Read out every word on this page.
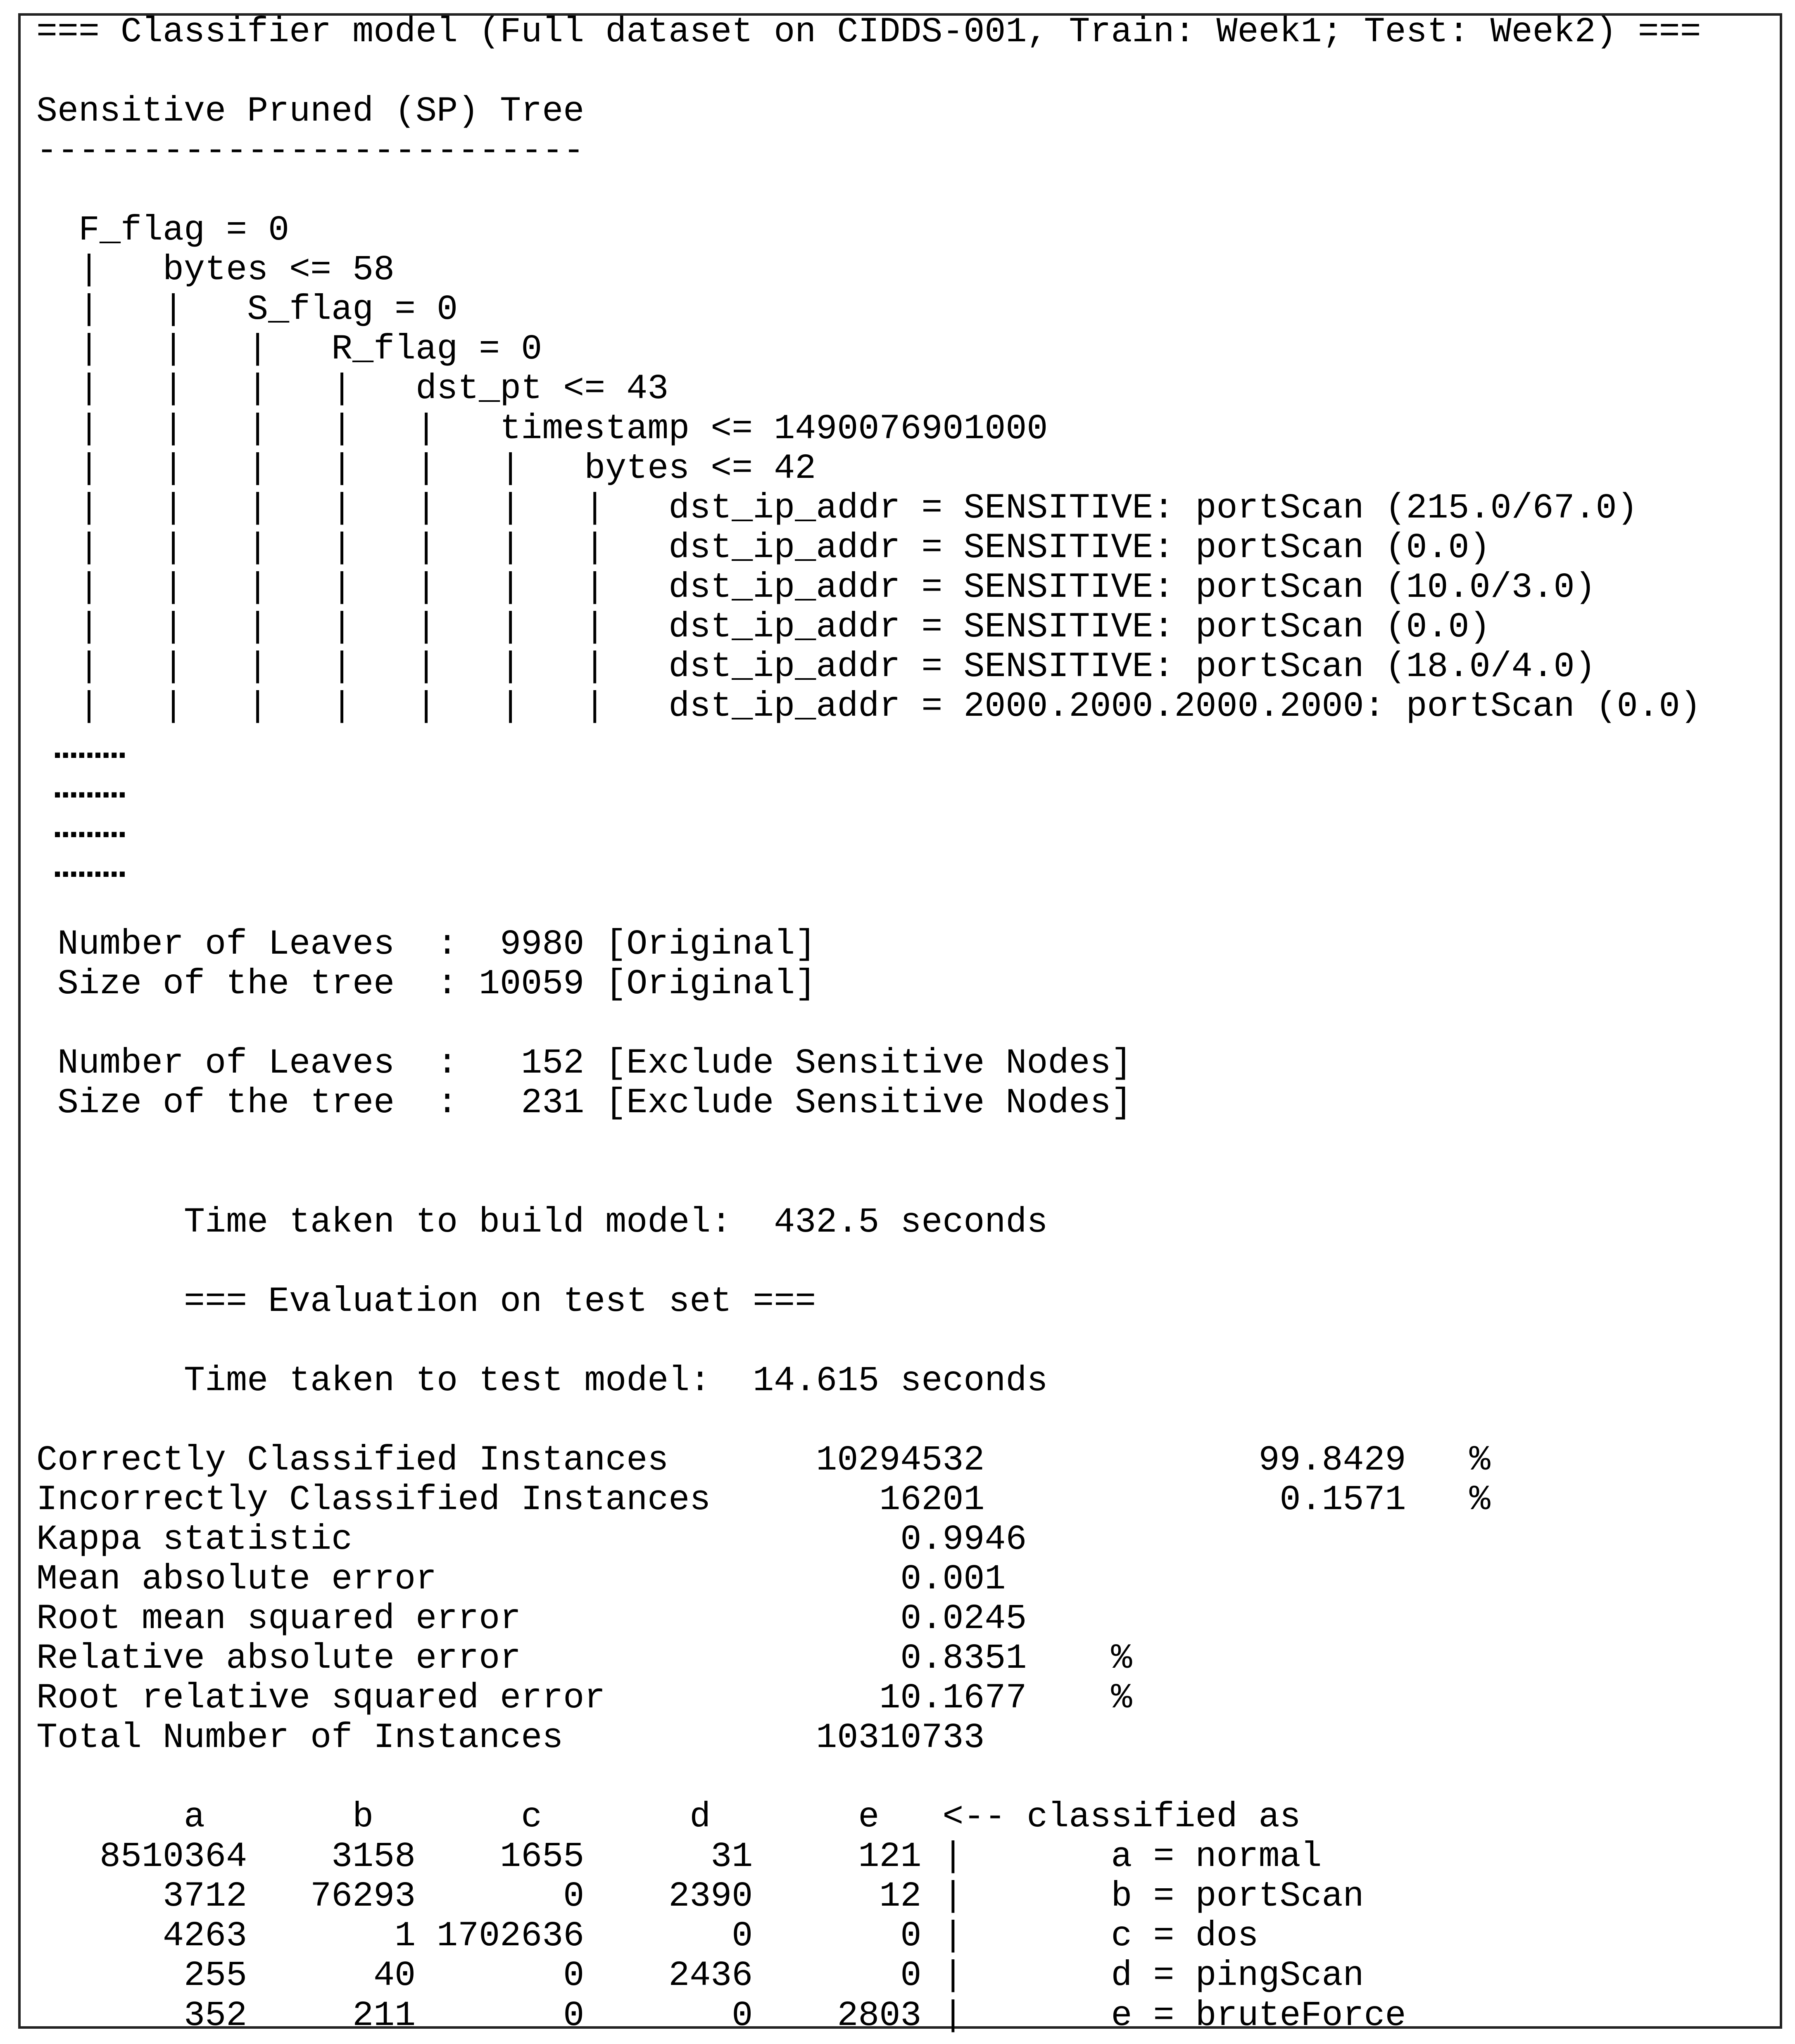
=== Classifier model (Full dataset on CIDDS-001, Train: Week1; Test: Week2) ===
Sensitive Pruned (SP) Tree
--------------------------
F_flag = 0
|   bytes <= 58
|   |   S_flag = 0
|   |   |   R_flag = 0
|   |   |   |   dst_pt <= 43
|   |   |   |   |   timestamp <= 1490076901000
|   |   |   |   |   |   bytes <= 42
|   |   |   |   |   |   |   dst_ip_addr = SENSITIVE: portScan (215.0/67.0)
|   |   |   |   |   |   |   dst_ip_addr = SENSITIVE: portScan (0.0)
|   |   |   |   |   |   |   dst_ip_addr = SENSITIVE: portScan (10.0/3.0)
|   |   |   |   |   |   |   dst_ip_addr = SENSITIVE: portScan (0.0)
|   |   |   |   |   |   |   dst_ip_addr = SENSITIVE: portScan (18.0/4.0)
|   |   |   |   |   |   |   dst_ip_addr = 2000.2000.2000.2000: portScan (0.0)
.........
.........
.........
.........
Number of Leaves  :  9980 [Original]
Size of the tree  : 10059 [Original]
Number of Leaves  :   152 [Exclude Sensitive Nodes]
Size of the tree  :   231 [Exclude Sensitive Nodes]
Time taken to build model:  432.5 seconds
=== Evaluation on test set ===
Time taken to test model:  14.615 seconds
Correctly Classified Instances       10294532             99.8429   %
Incorrectly Classified Instances        16201              0.1571   %
Kappa statistic                          0.9946
Mean absolute error                      0.001
Root mean squared error                  0.0245
Relative absolute error                  0.8351    %
Root relative squared error             10.1677    %
Total Number of Instances            10310733
a       b       c       d       e   <-- classified as
8510364    3158    1655      31     121 |       a = normal
3712   76293       0    2390      12 |       b = portScan
4263       1 1702636       0       0 |       c = dos
255      40       0    2436       0 |       d = pingScan
352     211       0       0    2803 |       e = bruteForce
